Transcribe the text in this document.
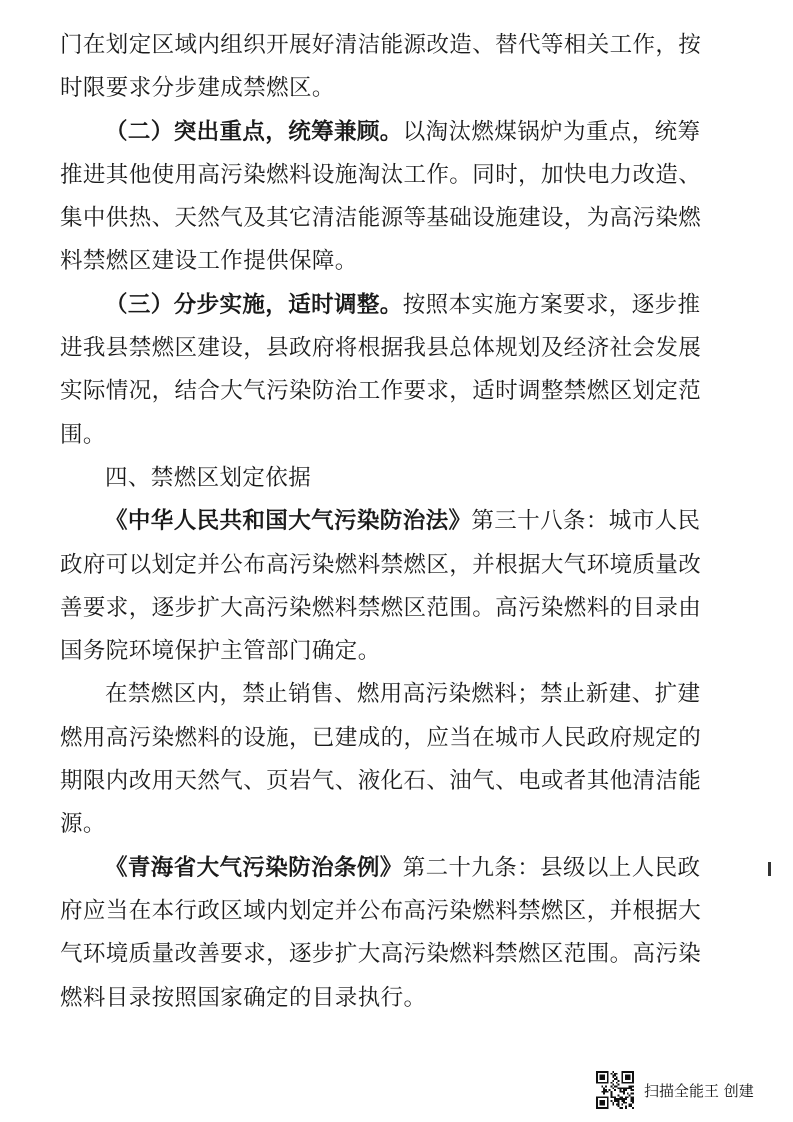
门在划定区域内组织开展好清洁能源改造、替代等相关工作，按
时限要求分步建成禁燃区。
（二）突出重点，统筹兼顾。以淘汰燃煤锅炉为重点，统筹
推进其他使用高污染燃料设施淘汰工作。同时，加快电力改造、
集中供热、天然气及其它清洁能源等基础设施建设，为高污染燃
料禁燃区建设工作提供保障。
（三）分步实施，适时调整。按照本实施方案要求，逐步推
进我县禁燃区建设，县政府将根据我县总体规划及经济社会发展
实际情况，结合大气污染防治工作要求，适时调整禁燃区划定范
围。
四、禁燃区划定依据
《中华人民共和国大气污染防治法》第三十八条：城市人民
政府可以划定并公布高污染燃料禁燃区，并根据大气环境质量改
善要求，逐步扩大高污染燃料禁燃区范围。高污染燃料的目录由
国务院环境保护主管部门确定。
在禁燃区内，禁止销售、燃用高污染燃料；禁止新建、扩建
燃用高污染燃料的设施，已建成的，应当在城市人民政府规定的
期限内改用天然气、页岩气、液化石、油气、电或者其他清洁能
源。
《青海省大气污染防治条例》第二十九条：县级以上人民政
府应当在本行政区域内划定并公布高污染燃料禁燃区，并根据大
气环境质量改善要求，逐步扩大高污染燃料禁燃区范围。高污染
燃料目录按照国家确定的目录执行。
扫描全能王 创建
